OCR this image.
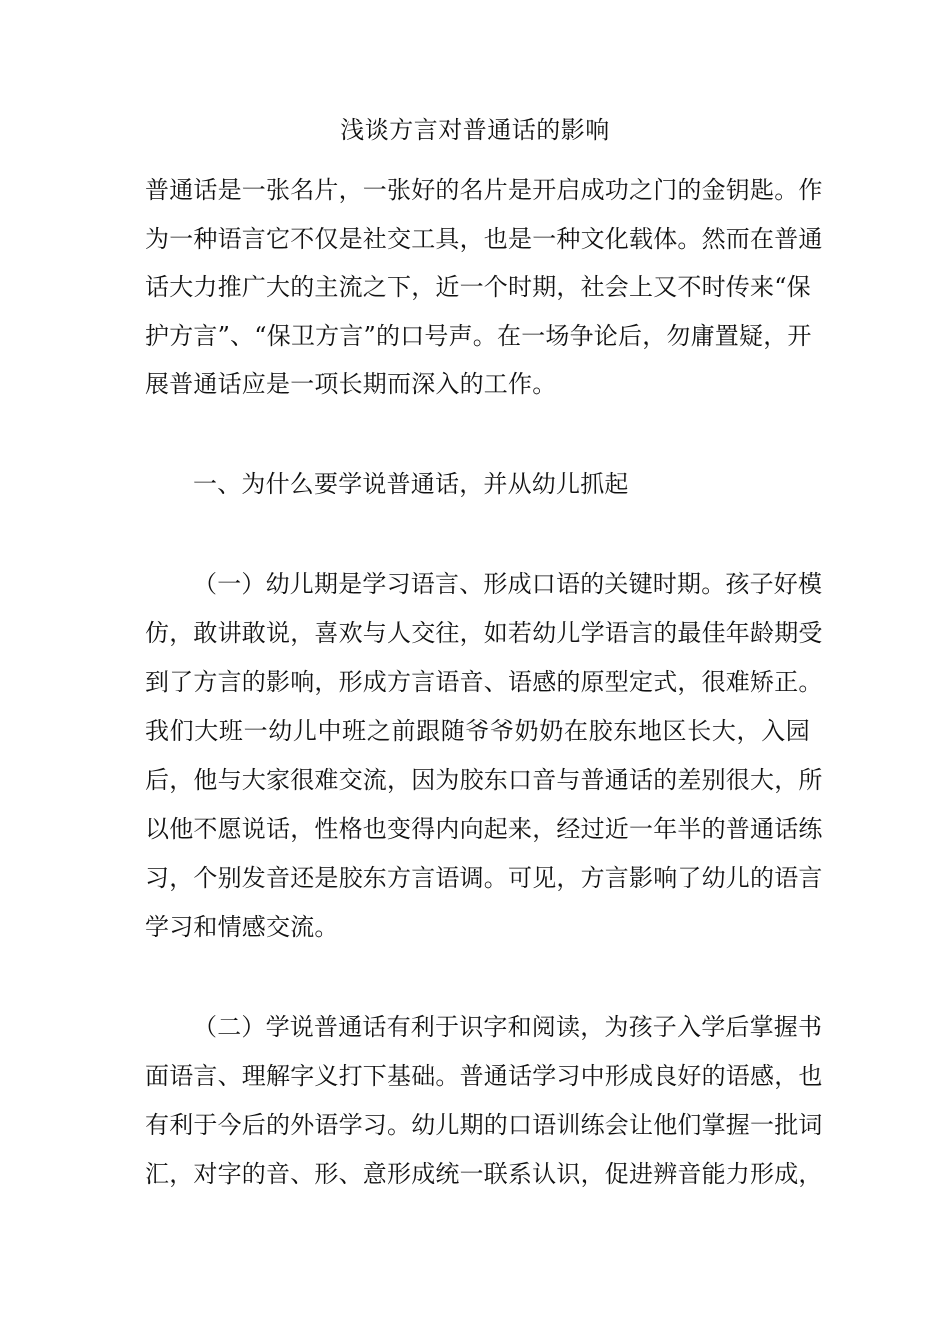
浅谈方言对普通话的影响
普通话是一张名片，一张好的名片是开启成功之门的金钥匙。作
为一种语言它不仅是社交工具，也是一种文化载体。然而在普通
话大力推广大的主流之下，近一个时期，社会上又不时传来“保
护方言”、“保卫方言”的口号声。在一场争论后，勿庸置疑，开
展普通话应是一项长期而深入的工作。
一、为什么要学说普通话，并从幼儿抓起
（一）幼儿期是学习语言、形成口语的关键时期。孩子好模
仿，敢讲敢说，喜欢与人交往，如若幼儿学语言的最佳年龄期受
到了方言的影响，形成方言语音、语感的原型定式，很难矫正。
我们大班一幼儿中班之前跟随爷爷奶奶在胶东地区长大，入园
后，他与大家很难交流，因为胶东口音与普通话的差别很大，所
以他不愿说话，性格也变得内向起来，经过近一年半的普通话练
习，个别发音还是胶东方言语调。可见，方言影响了幼儿的语言
学习和情感交流。
（二）学说普通话有利于识字和阅读，为孩子入学后掌握书
面语言、理解字义打下基础。普通话学习中形成良好的语感，也
有利于今后的外语学习。幼儿期的口语训练会让他们掌握一批词
汇，对字的音、形、意形成统一联系认识，促进辨音能力形成，
